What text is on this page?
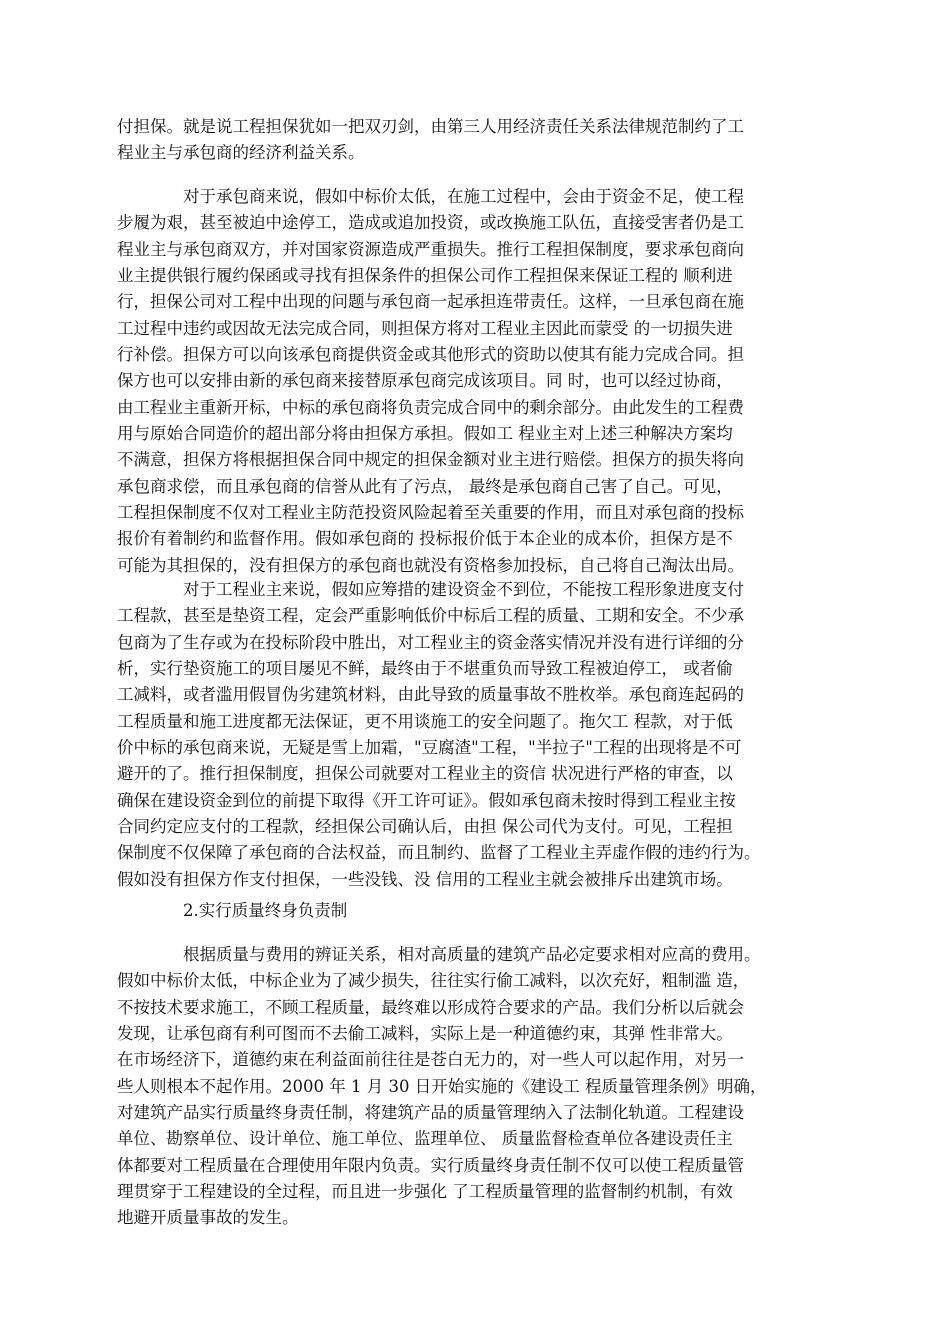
付担保。就是说工程担保犹如一把双刃剑，由第三人用经济责任关系法律规范制约了工
程业主与承包商的经济利益关系。
对于承包商来说，假如中标价太低，在施工过程中，会由于资金不足，使工程
步履为艰，甚至被迫中途停工，造成或追加投资，或改换施工队伍，直接受害者仍是工
程业主与承包商双方，并对国家资源造成严重损失。推行工程担保制度，要求承包商向
业主提供银行履约保函或寻找有担保条件的担保公司作工程担保来保证工程的 顺利进
行，担保公司对工程中出现的问题与承包商一起承担连带责任。这样，一旦承包商在施
工过程中违约或因故无法完成合同，则担保方将对工程业主因此而蒙受 的一切损失进
行补偿。担保方可以向该承包商提供资金或其他形式的资助以使其有能力完成合同。担
保方也可以安排由新的承包商来接替原承包商完成该项目。同 时，也可以经过协商，
由工程业主重新开标，中标的承包商将负责完成合同中的剩余部分。由此发生的工程费
用与原始合同造价的超出部分将由担保方承担。假如工 程业主对上述三种解决方案均
不满意，担保方将根据担保合同中规定的担保金额对业主进行赔偿。担保方的损失将向
承包商求偿，而且承包商的信誉从此有了污点， 最终是承包商自己害了自己。可见，
工程担保制度不仅对工程业主防范投资风险起着至关重要的作用，而且对承包商的投标
报价有着制约和监督作用。假如承包商的 投标报价低于本企业的成本价，担保方是不
可能为其担保的，没有担保方的承包商也就没有资格参加投标，自己将自己淘汰出局。
对于工程业主来说，假如应筹措的建设资金不到位，不能按工程形象进度支付
工程款，甚至是垫资工程，定会严重影响低价中标后工程的质量、工期和安全。不少承
包商为了生存或为在投标阶段中胜出，对工程业主的资金落实情况并没有进行详细的分
析，实行垫资施工的项目屡见不鲜，最终由于不堪重负而导致工程被迫停工， 或者偷
工减料，或者滥用假冒伪劣建筑材料，由此导致的质量事故不胜枚举。承包商连起码的
工程质量和施工进度都无法保证，更不用谈施工的安全问题了。拖欠工 程款，对于低
价中标的承包商来说，无疑是雪上加霜，"豆腐渣"工程，"半拉子"工程的出现将是不可
避开的了。推行担保制度，担保公司就要对工程业主的资信 状况进行严格的审查，以
确保在建设资金到位的前提下取得《开工许可证》。假如承包商未按时得到工程业主按
合同约定应支付的工程款，经担保公司确认后，由担 保公司代为支付。可见，工程担
保制度不仅保障了承包商的合法权益，而且制约、监督了工程业主弄虚作假的违约行为。
假如没有担保方作支付担保，一些没钱、没 信用的工程业主就会被排斥出建筑市场。
2.实行质量终身负责制
根据质量与费用的辨证关系，相对高质量的建筑产品必定要求相对应高的费用。
假如中标价太低，中标企业为了减少损失，往往实行偷工减料，以次充好，粗制滥 造，
不按技术要求施工，不顾工程质量，最终难以形成符合要求的产品。我们分析以后就会
发现，让承包商有利可图而不去偷工减料，实际上是一种道德约束，其弹 性非常大。
在市场经济下，道德约束在利益面前往往是苍白无力的，对一些人可以起作用，对另一
些人则根本不起作用。2000 年 1 月 30 日开始实施的《建设工 程质量管理条例》明确，
对建筑产品实行质量终身责任制，将建筑产品的质量管理纳入了法制化轨道。工程建设
单位、勘察单位、设计单位、施工单位、监理单位、 质量监督检查单位各建设责任主
体都要对工程质量在合理使用年限内负责。实行质量终身责任制不仅可以使工程质量管
理贯穿于工程建设的全过程，而且进一步强化 了工程质量管理的监督制约机制，有效
地避开质量事故的发生。
